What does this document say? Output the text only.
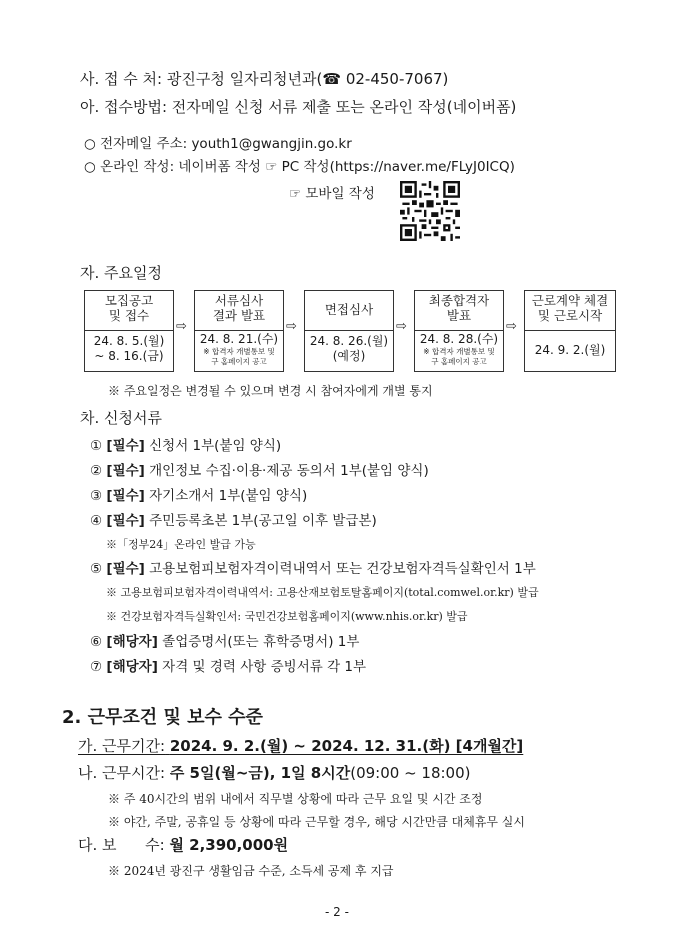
사. 접 수 처: 광진구청 일자리청년과(☎ 02-450-7067)
아. 접수방법: 전자메일 신청 서류 제출 또는 온라인 작성(네이버폼)
○ 전자메일 주소: youth1@gwangjin.go.kr
○ 온라인 작성: 네이버폼 작성 ☞ PC 작성(https://naver.me/FLyJ0ICQ)
☞ 모바일 작성
자. 주요일정
모집공고
및 접수
24. 8. 5.(월)
~ 8. 16.(금)
⇨
서류심사
결과 발표
24. 8. 21.(수)
※ 합격자 개별통보 및
구 홈페이지 공고
⇨
면접심사
24. 8. 26.(월)
(예정)
⇨
최종합격자
발표
24. 8. 28.(수)
※ 합격자 개별통보 및
구 홈페이지 공고
⇨
근로계약 체결
및 근로시작
24. 9. 2.(월)
※ 주요일정은 변경될 수 있으며 변경 시 참여자에게 개별 통지
차. 신청서류
① [필수] 신청서 1부(붙임 양식)
② [필수] 개인정보 수집·이용·제공 동의서 1부(붙임 양식)
③ [필수] 자기소개서 1부(붙임 양식)
④ [필수] 주민등록초본 1부(공고일 이후 발급본)
※「정부24」온라인 발급 가능
⑤ [필수] 고용보험피보험자격이력내역서 또는 건강보험자격득실확인서 1부
※ 고용보험피보험자격이력내역서: 고용산재보험토탈홈페이지(total.comwel.or.kr) 발급
※ 건강보험자격득실확인서: 국민건강보험홈페이지(www.nhis.or.kr) 발급
⑥ [해당자] 졸업증명서(또는 휴학증명서) 1부
⑦ [해당자] 자격 및 경력 사항 증빙서류 각 1부
2. 근무조건 및 보수 수준
가. 근무기간: 2024. 9. 2.(월) ~ 2024. 12. 31.(화) [4개월간]
나. 근무시간: 주 5일(월~금), 1일 8시간(09:00 ~ 18:00)
※ 주 40시간의 범위 내에서 직무별 상황에 따라 근무 요일 및 시간 조정
※ 야간, 주말, 공휴일 등 상황에 따라 근무할 경우, 해당 시간만큼 대체휴무 실시
다. 보      수: 월 2,390,000원
※ 2024년 광진구 생활임금 수준, 소득세 공제 후 지급
- 2 -
